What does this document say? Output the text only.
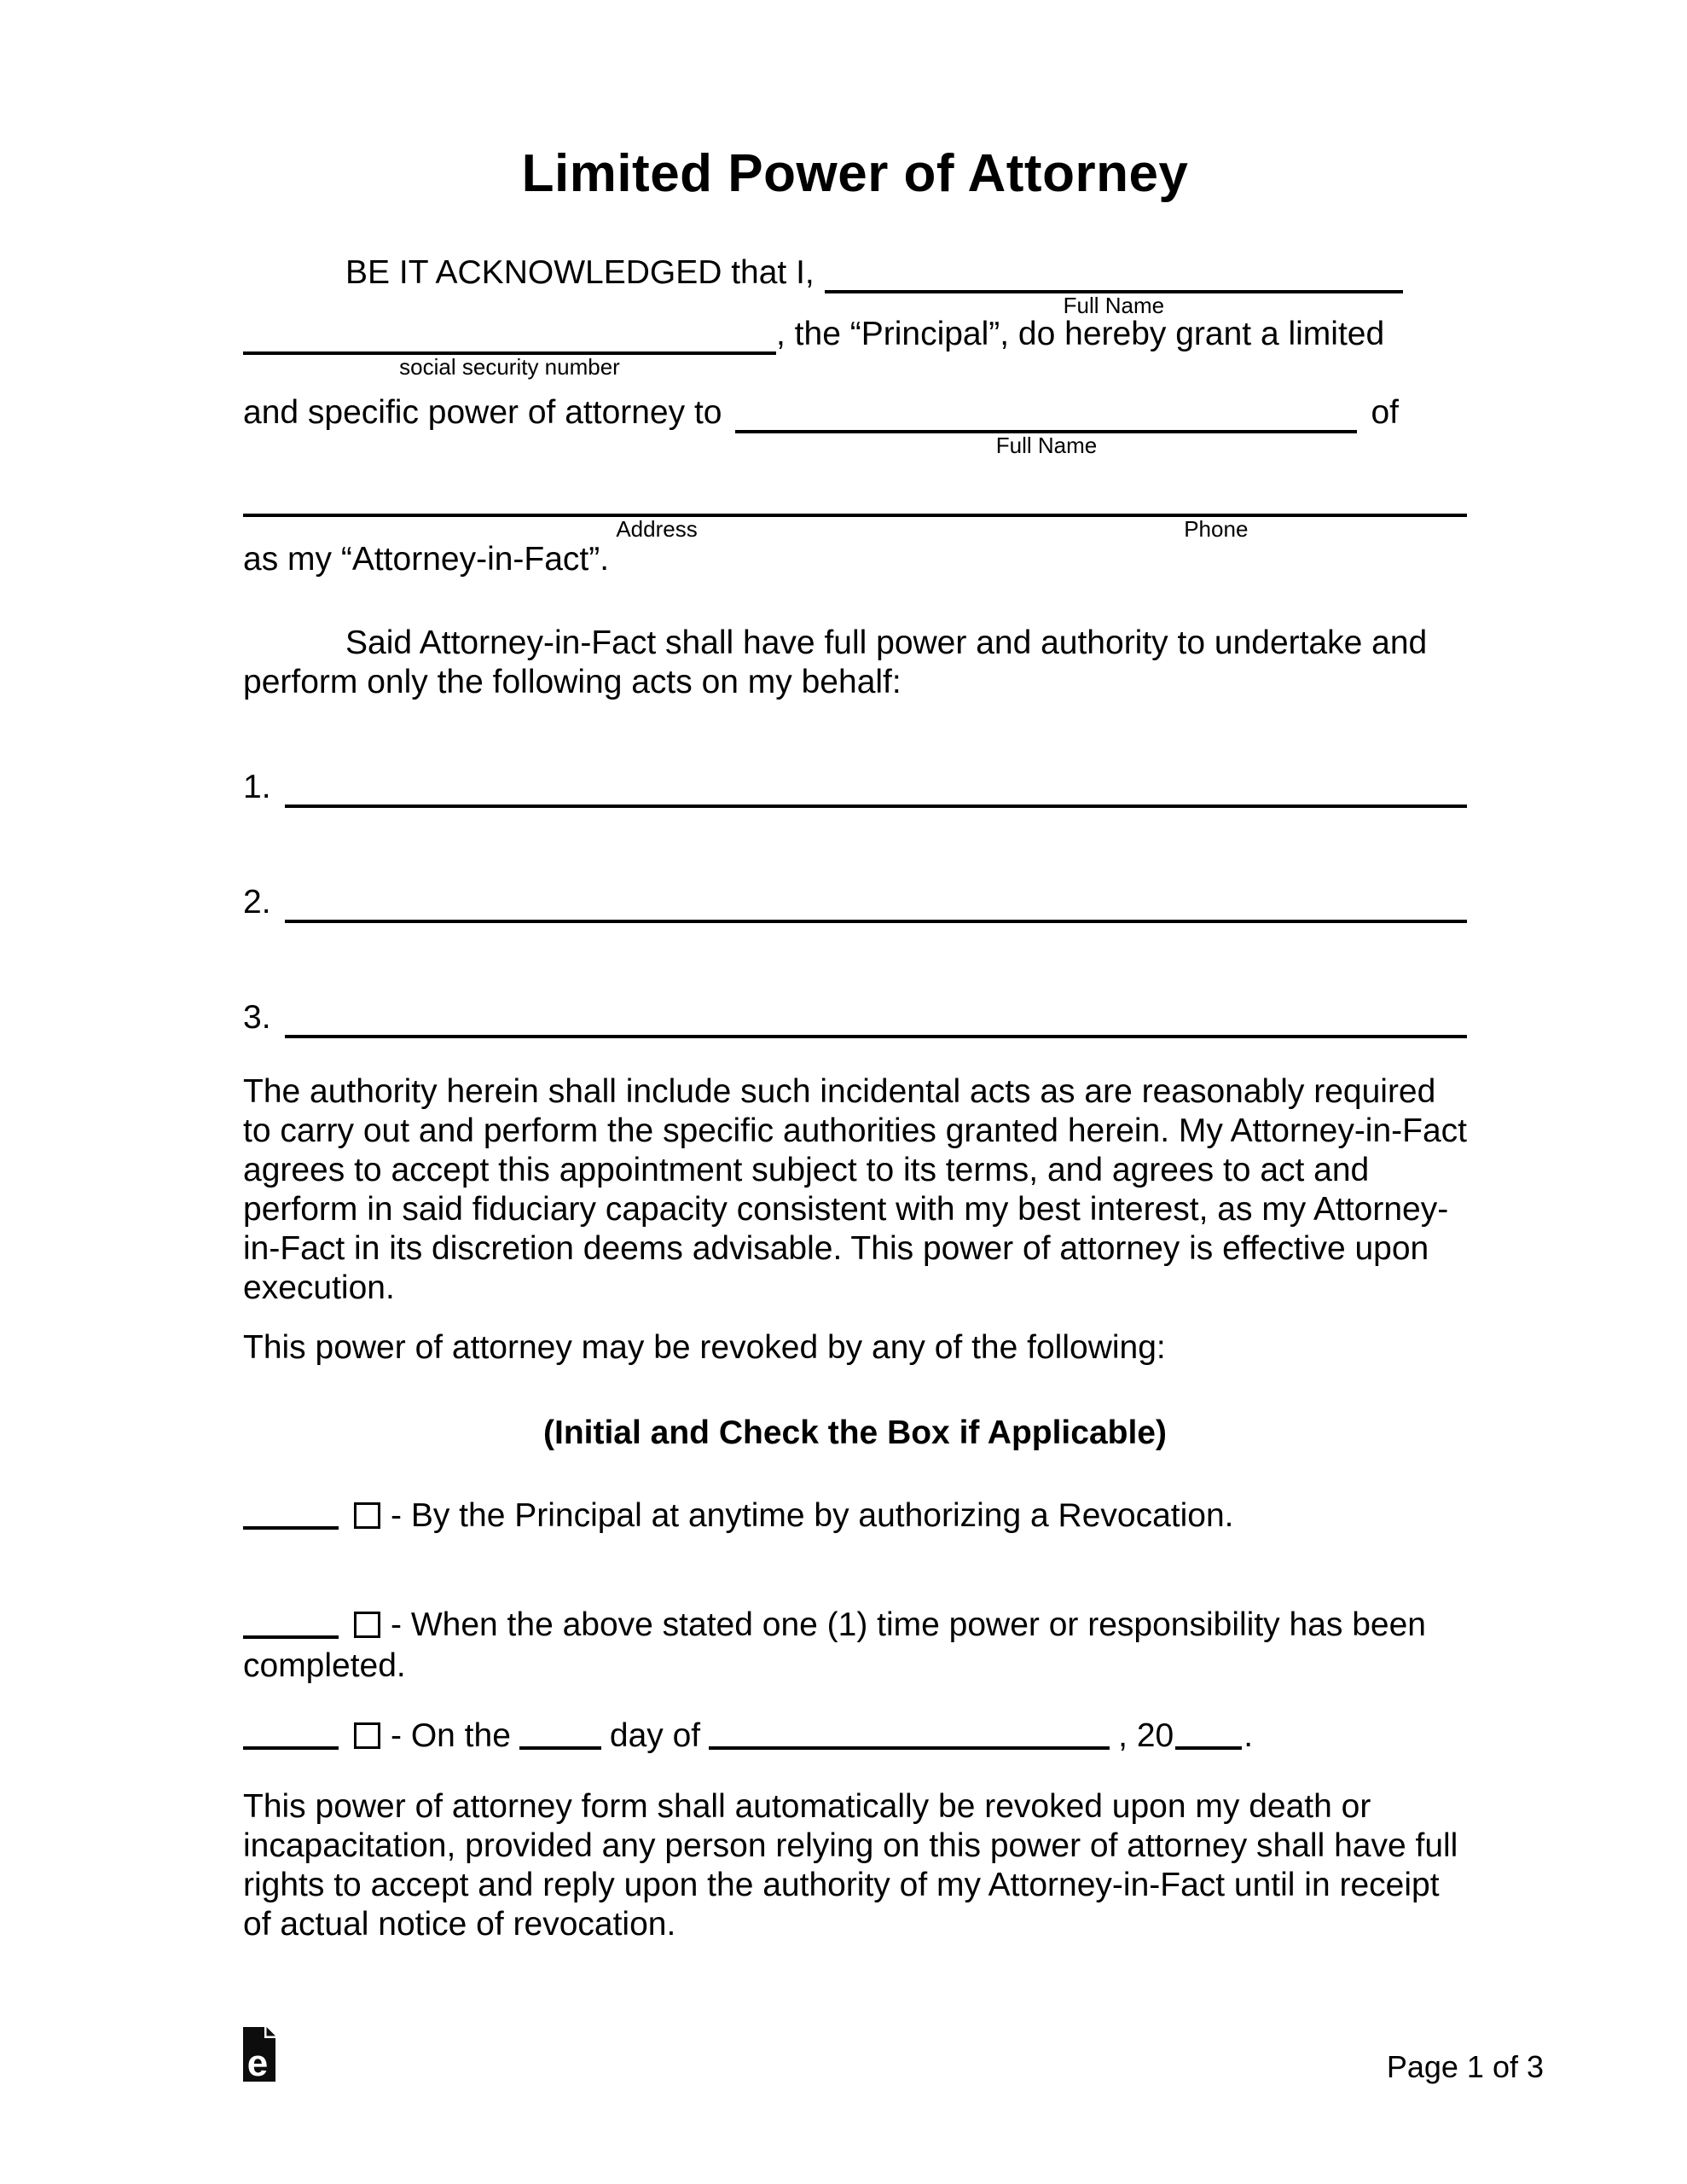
Limited Power of Attorney
BE IT ACKNOWLEDGED that I,
Full Name
social security number
, the “Principal”, do hereby grant a limited
and specific power of attorney to
Full Name
of
Address	Phone
as my “Attorney-in-Fact”.

Said Attorney-in-Fact shall have full power and authority to undertake and perform only the following acts on my behalf:

1.
2.
3.

The authority herein shall include such incidental acts as are reasonably required to carry out and perform the specific authorities granted herein. My Attorney-in-Fact agrees to accept this appointment subject to its terms, and agrees to act and perform in said fiduciary capacity consistent with my best interest, as my Attorney-in-Fact in its discretion deems advisable. This power of attorney is effective upon execution.

This power of attorney may be revoked by any of the following:

(Initial and Check the Box if Applicable)

- By the Principal at anytime by authorizing a Revocation.

- When the above stated one (1) time power or responsibility has been completed.

- On the	day of	, 20 .

This power of attorney form shall automatically be revoked upon my death or incapacitation, provided any person relying on this power of attorney shall have full rights to accept and reply upon the authority of my Attorney-in-Fact until in receipt of actual notice of revocation.

e	Page 1 of 3
